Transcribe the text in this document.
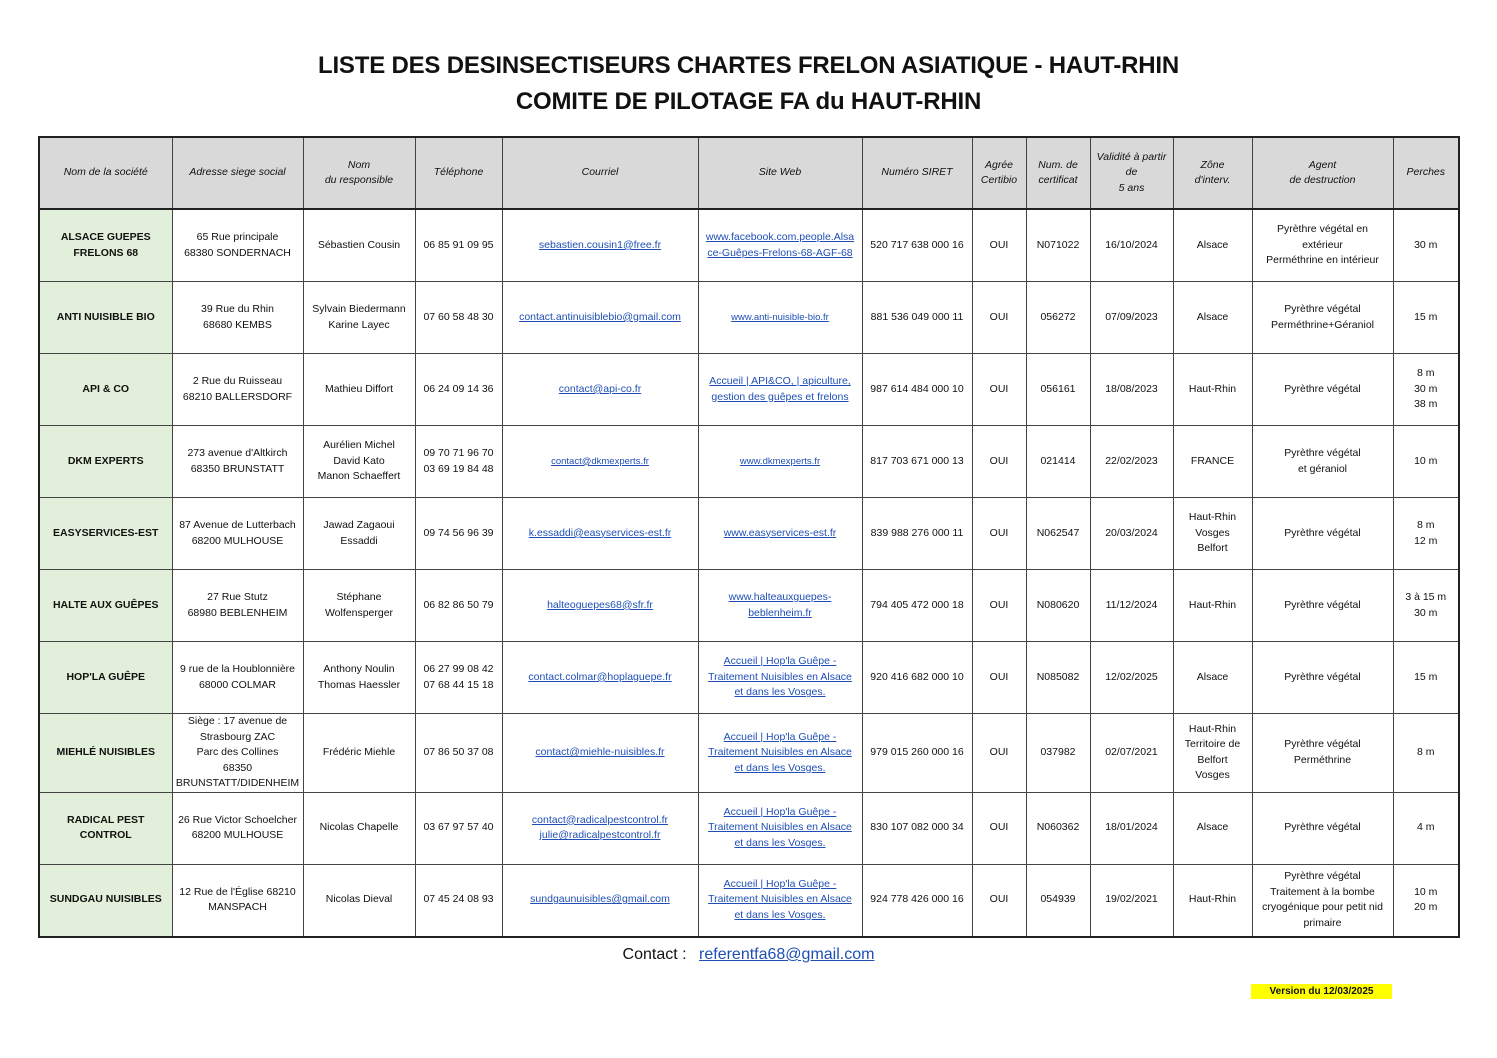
LISTE DES DESINSECTISEURS CHARTES FRELON ASIATIQUE - HAUT-RHIN
COMITE DE PILOTAGE FA du HAUT-RHIN
Nom de la société	Adresse siege social	Nom
du responsible	Téléphone	Courriel	Site Web	Numéro SIRET	Agrée
Certibio	Num. de
certificat	Validité à partir
de
5 ans	Zône
d'interv.	Agent
de destruction	Perches
ALSACE GUEPES
FRELONS 68	65 Rue principale
68380 SONDERNACH	Sébastien Cousin	06 85 91 09 95	sebastien.cousin1@free.fr	www.facebook.com.people.Alsa
ce-Guêpes-Frelons-68-AGF-68	520 717 638 000 16	OUI	N071022	16/10/2024	Alsace	Pyrèthre végétal en
extérieur
Perméthrine en intérieur	30 m
ANTI NUISIBLE BIO	39 Rue du Rhin
68680 KEMBS	Sylvain Biedermann
Karine Layec	07 60 58 48 30	contact.antinuisiblebio@gmail.com	www.anti-nuisible-bio.fr	881 536 049 000 11	OUI	056272	07/09/2023	Alsace	Pyrèthre végétal
Perméthrine+Géraniol	15 m
API & CO	2 Rue du Ruisseau
68210 BALLERSDORF	Mathieu Diffort	06 24 09 14 36	contact@api-co.fr	Accueil | API&CO, | apiculture,
gestion des guêpes et frelons	987 614 484 000 10	OUI	056161	18/08/2023	Haut-Rhin	Pyrèthre végétal	8 m
30 m
38 m
DKM EXPERTS	273 avenue d'Altkirch
68350 BRUNSTATT	Aurélien Michel
David Kato
Manon Schaeffert	09 70 71 96 70
03 69 19 84 48	contact@dkmexperts.fr	www.dkmexperts.fr	817 703 671 000 13	OUI	021414	22/02/2023	FRANCE	Pyrèthre végétal
et géraniol	10 m
EASYSERVICES-EST	87 Avenue de Lutterbach
68200 MULHOUSE	Jawad Zagaoui
Essaddi	09 74 56 96 39	k.essaddi@easyservices-est.fr	www.easyservices-est.fr	839 988 276 000 11	OUI	N062547	20/03/2024	Haut-Rhin
Vosges
Belfort	Pyrèthre végétal	8 m
12 m
HALTE AUX GUÊPES	27 Rue Stutz
68980 BEBLENHEIM	Stéphane
Wolfensperger	06 82 86 50 79	halteoguepes68@sfr.fr	www.halteauxguepes-
beblenheim.fr	794 405 472 000 18	OUI	N080620	11/12/2024	Haut-Rhin	Pyrèthre végétal	3 à 15 m
30 m
HOP'LA GUÊPE	9 rue de la Houblonnière
68000 COLMAR	Anthony Noulin
Thomas Haessler	06 27 99 08 42
07 68 44 15 18	contact.colmar@hoplaguepe.fr	Accueil | Hop'la Guêpe -
Traitement Nuisibles en Alsace
et dans les Vosges.	920 416 682 000 10	OUI	N085082	12/02/2025	Alsace	Pyrèthre végétal	15 m
MIEHLÉ NUISIBLES	Siège : 17 avenue de
Strasbourg ZAC
Parc des Collines
68350
BRUNSTATT/DIDENHEIM	Frédéric Miehle	07 86 50 37 08	contact@miehle-nuisibles.fr	Accueil | Hop'la Guêpe -
Traitement Nuisibles en Alsace
et dans les Vosges.	979 015 260 000 16	OUI	037982	02/07/2021	Haut-Rhin
Territoire de
Belfort
Vosges	Pyrèthre végétal
Perméthrine	8 m
RADICAL PEST CONTROL	26 Rue Victor Schoelcher
68200 MULHOUSE	Nicolas Chapelle	03 67 97 57 40	contact@radicalpestcontrol.fr
julie@radicalpestcontrol.fr	Accueil | Hop'la Guêpe -
Traitement Nuisibles en Alsace
et dans les Vosges.	830 107 082 000 34	OUI	N060362	18/01/2024	Alsace	Pyrèthre végétal	4 m
SUNDGAU NUISIBLES	12 Rue de l'Église 68210
MANSPACH	Nicolas Dieval	07 45 24 08 93	sundgaunuisibles@gmail.com	Accueil | Hop'la Guêpe -
Traitement Nuisibles en Alsace
et dans les Vosges.	924 778 426 000 16	OUI	054939	19/02/2021	Haut-Rhin	Pyrèthre végétal
Traitement à la bombe
cryogénique pour petit nid
primaire	10 m
20 m
Contact : referentfa68@gmail.com
Version du 12/03/2025
